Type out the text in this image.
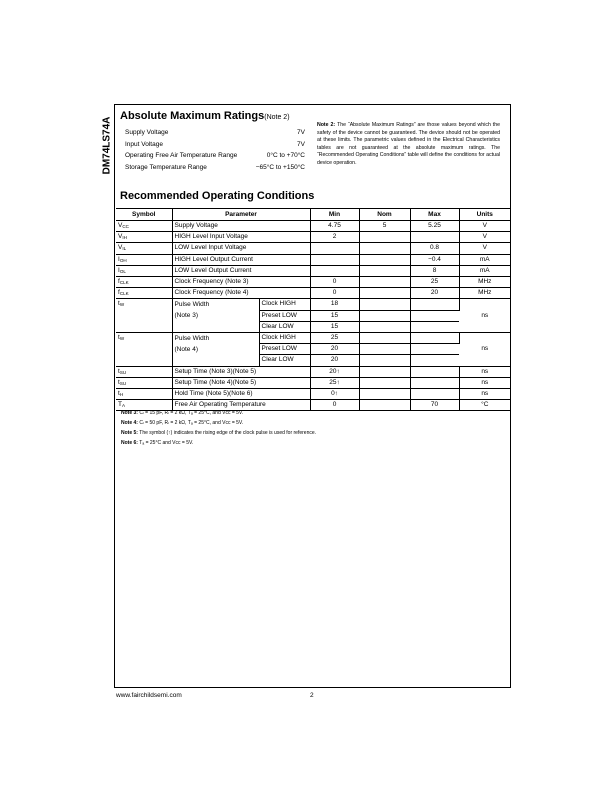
DM74LS74A
Absolute Maximum Ratings(Note 2)
Supply Voltage	7V
Input Voltage	7V
Operating Free Air Temperature Range	0°C to +70°C
Storage Temperature Range	−65°C to +150°C
Note 2: The “Absolute Maximum Ratings” are those values beyond which the safety of the device cannot be guaranteed. The device should not be operated at these limits. The parametric values defined in the Electrical Characteristics tables are not guaranteed at the absolute maximum ratings. The “Recommended Operating Conditions” table will define the conditions for actual device operation.
Recommended Operating Conditions
Symbol	Parameter		Min	Nom	Max	Units
$V_{CC}$	Supply Voltage		4.75	5	5.25	V
$V_{IH}$	HIGH Level Input Voltage		2			V
$V_{IL}$	LOW Level Input Voltage				0.8	V
$I_{OH}$	HIGH Level Output Current				−0.4	mA
$I_{OL}$	LOW Level Output Current				8	mA
$f_{CLK}$	Clock Frequency (Note 3)		0		25	MHz
$f_{CLK}$	Clock Frequency (Note 4)		0		20	MHz
$t_W$	Pulse Width
(Note 3)	Clock HIGH	18			ns
		Preset LOW	15			
		Clear LOW	15			
$t_W$	Pulse Width
(Note 4)	Clock HIGH	25			ns
		Preset LOW	20			
		Clear LOW	20			
$t_{SU}$	Setup Time (Note 3)(Note 5)		20↑			ns
$t_{SU}$	Setup Time (Note 4)(Note 5)		25↑			ns
$t_H$	Hold Time (Note 5)(Note 6)		0↑			ns
$T_A$	Free Air Operating Temperature		0		70	°C
Note 3: Cₗ = 15 pF, Rₗ = 2 kΩ, Tₐ = 25°C, and Vᴄᴄ = 5V.
Note 4: Cₗ = 50 pF, Rₗ = 2 kΩ, Tₐ = 25°C, and Vᴄᴄ = 5V.
Note 5: The symbol (↑) indicates the rising edge of the clock pulse is used for reference.
Note 6: Tₐ = 25°C and Vᴄᴄ = 5V.
www.fairchildsemi.com	2
